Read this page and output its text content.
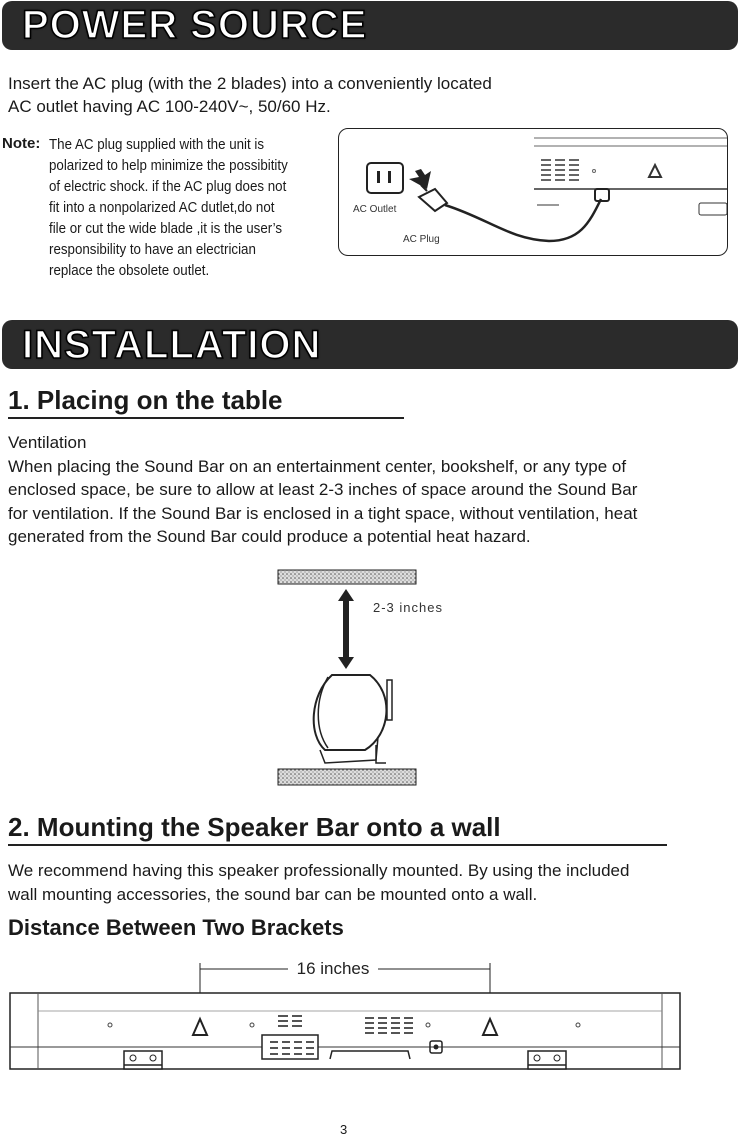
POWER SOURCE
Insert the AC plug (with the 2 blades) into a conveniently located
AC outlet having AC 100-240V~, 50/60 Hz.
Note: The AC plug supplied with the unit is
polarized to help minimize the possibitity
of electric shock. if the AC plug does not
fit into a nonpolarized AC dutlet,do not
file or cut the wide blade ,it is the user’s
responsibility to have an electrician
replace the obsolete outlet.
AC Outlet
AC Plug
INSTALLATION
1. Placing on the table
Ventilation
When placing the Sound Bar on an entertainment center, bookshelf, or any type of
enclosed space, be sure to allow at least 2-3 inches of space around the Sound Bar
for ventilation. If the Sound Bar is enclosed in a tight space, without ventilation, heat
generated from the Sound Bar could produce a potential heat hazard.
2-3 inches
2. Mounting the Speaker Bar onto a wall
We recommend having this speaker professionally mounted. By using the included
wall mounting accessories, the sound bar can be mounted onto a wall.
Distance Between Two Brackets
16 inches
3
